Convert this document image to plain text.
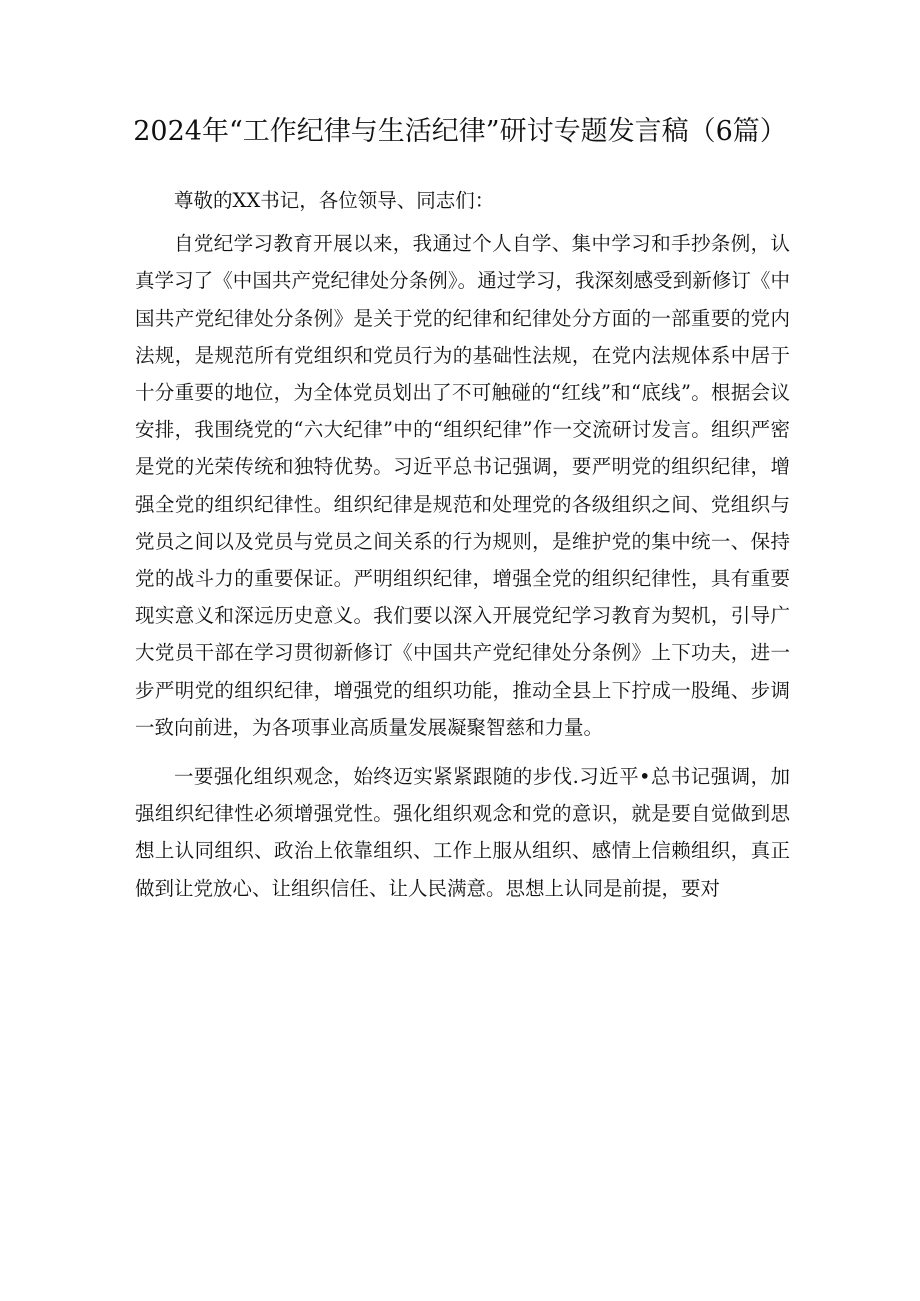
2024年“工作纪律与生活纪律”研讨专题发言稿（6篇）

尊敬的XX书记，各位领导、同志们：

自党纪学习教育开展以来，我通过个人自学、集中学习和手抄条例，认真学习了《中国共产党纪律处分条例》。通过学习，我深刻感受到新修订《中国共产党纪律处分条例》是关于党的纪律和纪律处分方面的一部重要的党内法规，是规范所有党组织和党员行为的基础性法规，在党内法规体系中居于十分重要的地位，为全体党员划出了不可触碰的“红线”和“底线”。根据会议安排，我围绕党的“六大纪律”中的“组织纪律”作一交流研讨发言。组织严密是党的光荣传统和独特优势。习近平总书记强调，要严明党的组织纪律，增强全党的组织纪律性。组织纪律是规范和处理党的各级组织之间、党组织与党员之间以及党员与党员之间关系的行为规则，是维护党的集中统一、保持党的战斗力的重要保证。严明组织纪律，增强全党的组织纪律性，具有重要现实意义和深远历史意义。我们要以深入开展党纪学习教育为契机，引导广大党员干部在学习贯彻新修订《中国共产党纪律处分条例》上下功夫，进一步严明党的组织纪律，增强党的组织功能，推动全县上下拧成一股绳、步调一致向前进，为各项事业高质量发展凝聚智慈和力量。

一要强化组织观念，始终迈实紧紧跟随的步伐.习近平•总书记强调，加强组织纪律性必须增强党性。强化组织观念和党的意识，就是要自觉做到思想上认同组织、政治上依靠组织、工作上服从组织、感情上信赖组织，真正做到让党放心、让组织信任、让人民满意。思想上认同是前提，要对
